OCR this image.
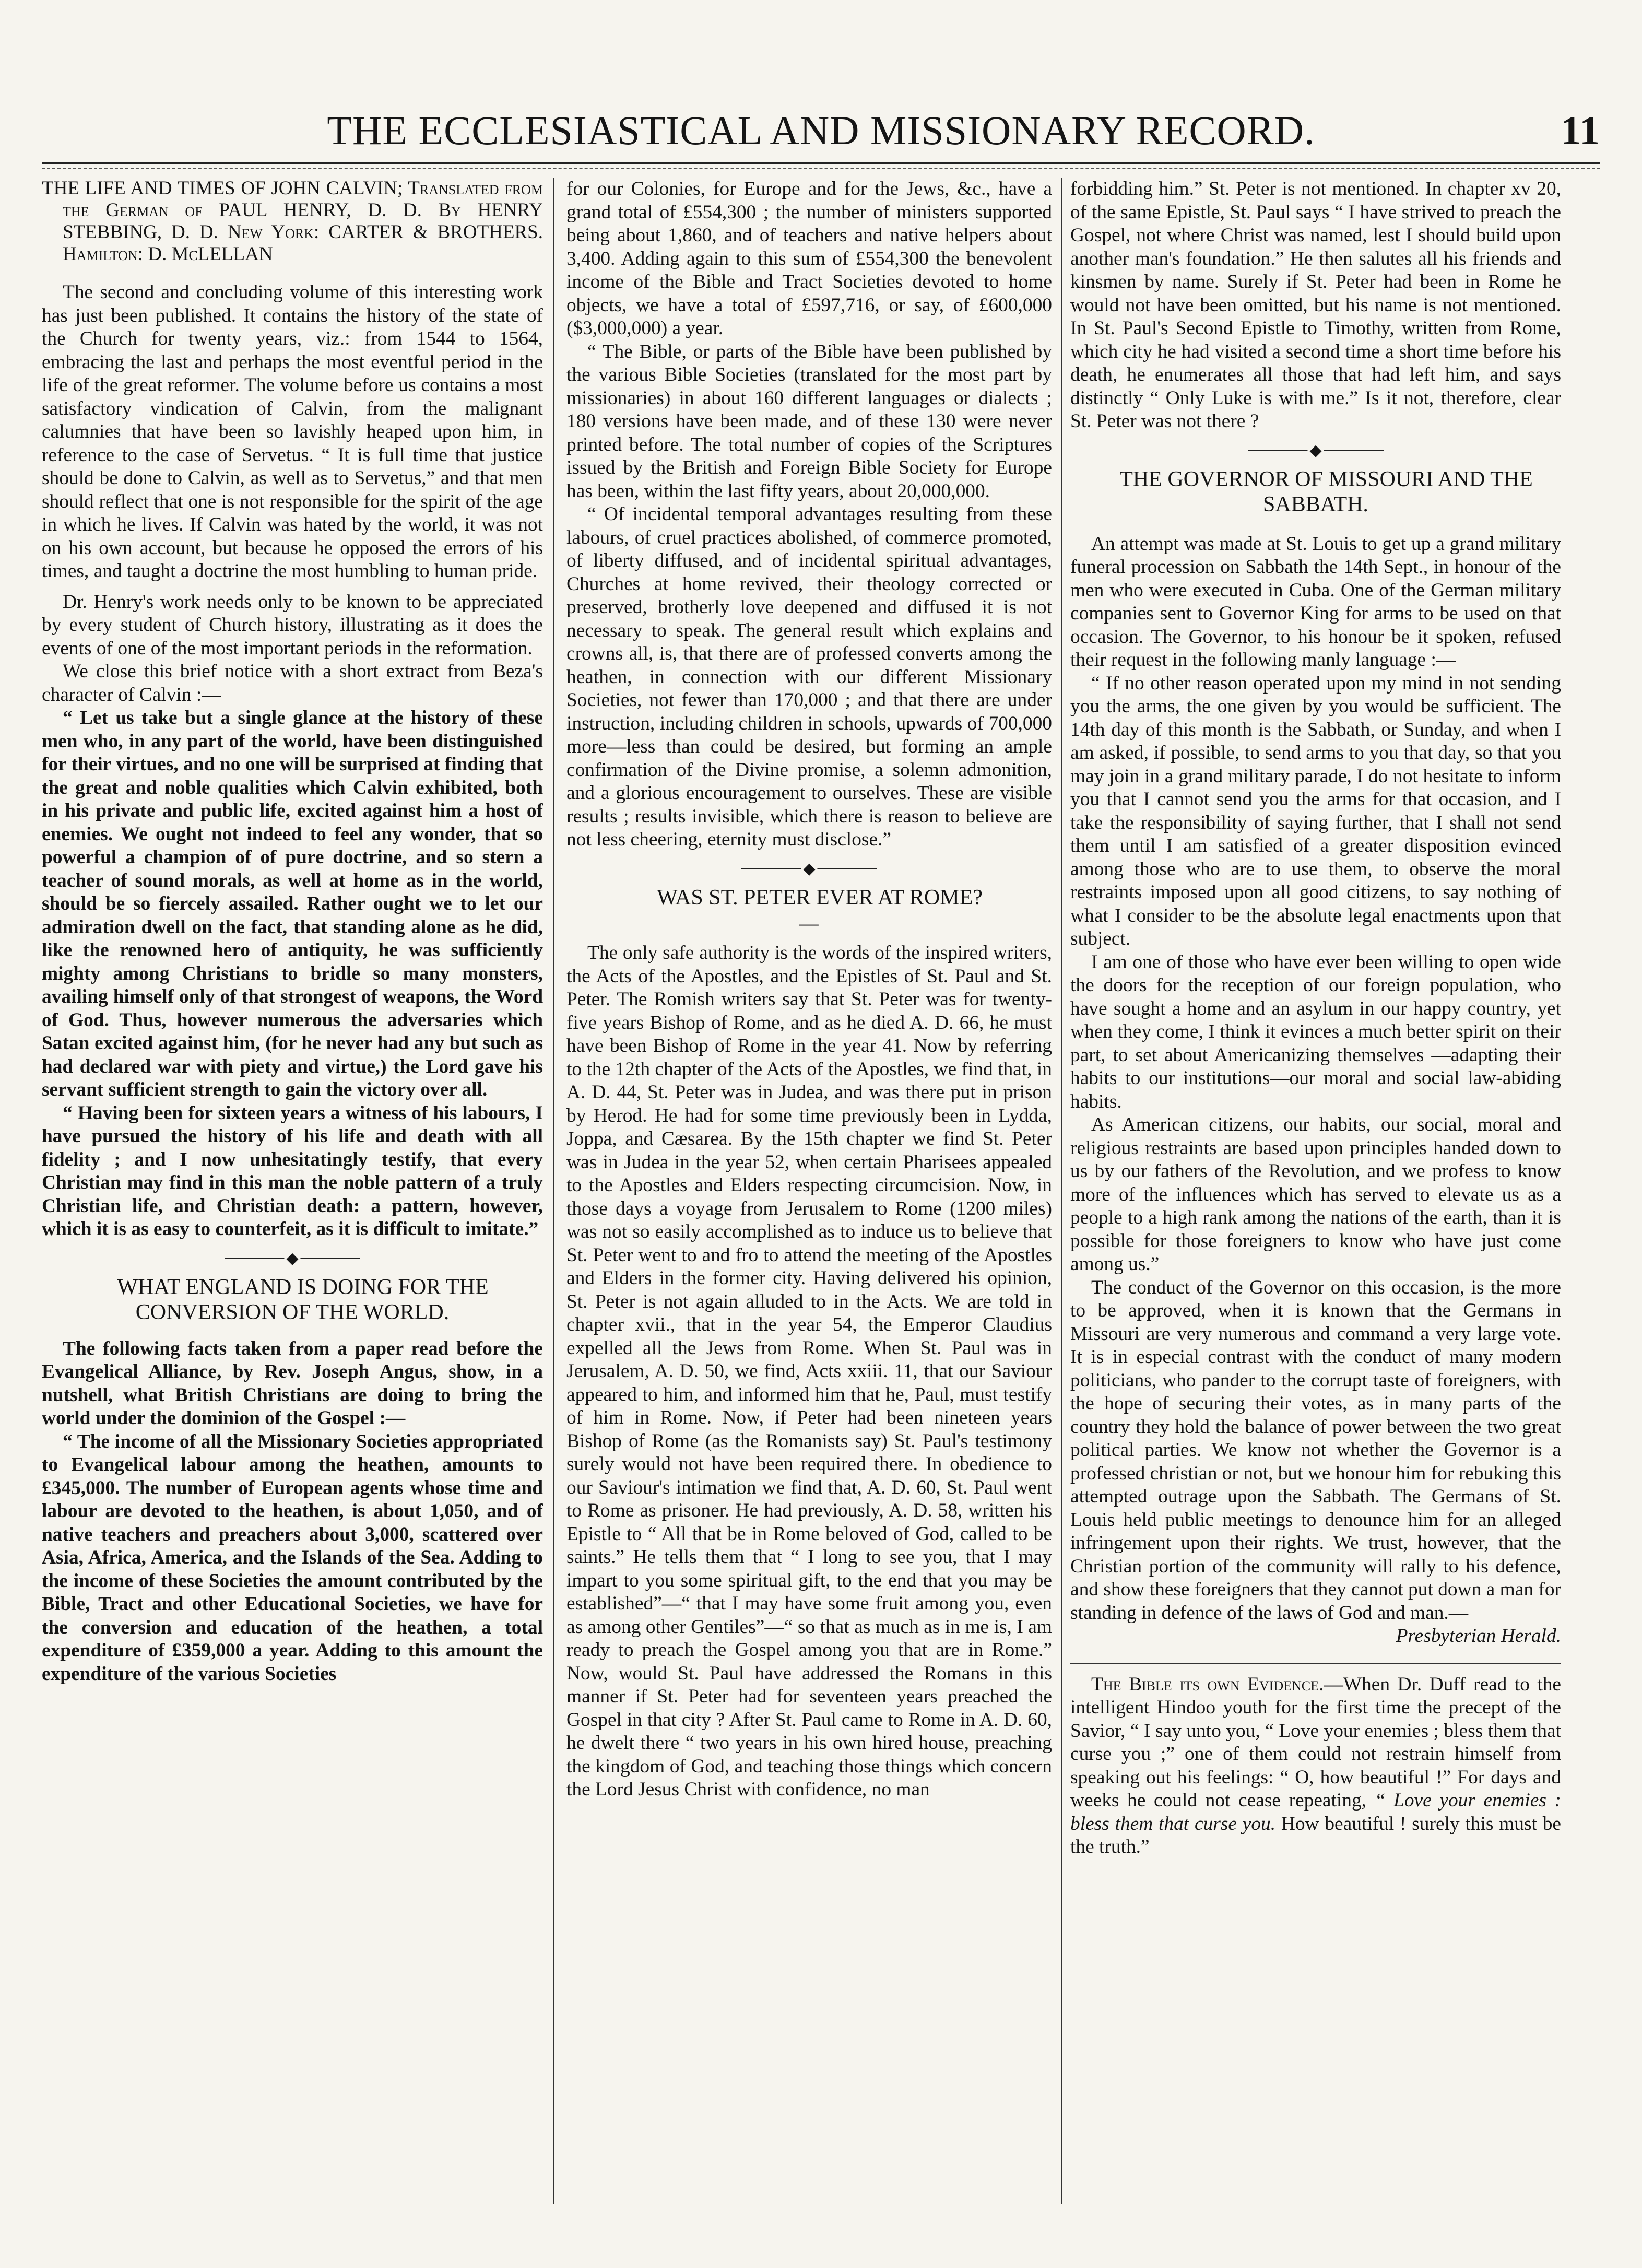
THE ECCLESIASTICAL AND MISSIONARY RECORD.	11

THE LIFE AND TIMES OF JOHN CALVIN; Translated from the German of PAUL HENRY, D. D. By HENRY STEBBING, D. D. New York: CARTER & BROTHERS. Hamilton: D. McLELLAN

The second and concluding volume of this interesting work has just been published. It contains the history of the state of the Church for twenty years, viz.: from 1544 to 1564, embracing the last and perhaps the most eventful period in the life of the great reformer. The volume before us contains a most satisfactory vindication of Calvin, from the malignant calumnies that have been so lavishly heaped upon him, in reference to the case of Servetus. “ It is full time that justice should be done to Calvin, as well as to Servetus,” and that men should reflect that one is not responsible for the spirit of the age in which he lives. If Calvin was hated by the world, it was not on his own account, but because he opposed the errors of his times, and taught a doctrine the most humbling to human pride.

Dr. Henry's work needs only to be known to be appreciated by every student of Church history, illustrating as it does the events of one of the most important periods in the reformation.

We close this brief notice with a short extract from Beza's character of Calvin :—

“ Let us take but a single glance at the history of these men who, in any part of the world, have been distinguished for their virtues, and no one will be surprised at finding that the great and noble qualities which Calvin exhibited, both in his private and public life, excited against him a host of enemies. We ought not indeed to feel any wonder, that so powerful a champion of of pure doctrine, and so stern a teacher of sound morals, as well at home as in the world, should be so fiercely assailed. Rather ought we to let our admiration dwell on the fact, that standing alone as he did, like the renowned hero of antiquity, he was sufficiently mighty among Christians to bridle so many monsters, availing himself only of that strongest of weapons, the Word of God. Thus, however numerous the adversaries which Satan excited against him, (for he never had any but such as had declared war with piety and virtue,) the Lord gave his servant sufficient strength to gain the victory over all.

“ Having been for sixteen years a witness of his labours, I have pursued the history of his life and death with all fidelity ; and I now unhesitatingly testify, that every Christian may find in this man the noble pattern of a truly Christian life, and Christian death: a pattern, however, which it is as easy to counterfeit, as it is difficult to imitate.”

◆

WHAT ENGLAND IS DOING FOR THE CONVERSION OF THE WORLD.

The following facts taken from a paper read before the Evangelical Alliance, by Rev. Joseph Angus, show, in a nutshell, what British Christians are doing to bring the world under the dominion of the Gospel :—

“ The income of all the Missionary Societies appropriated to Evangelical labour among the heathen, amounts to £345,000. The number of European agents whose time and labour are devoted to the heathen, is about 1,050, and of native teachers and preachers about 3,000, scattered over Asia, Africa, America, and the Islands of the Sea. Adding to the income of these Societies the amount contributed by the Bible, Tract and other Educational Societies, we have for the conversion and education of the heathen, a total expenditure of £359,000 a year. Adding to this amount the expenditure of the various Societies

for our Colonies, for Europe and for the Jews, &c., have a grand total of £554,300 ; the number of ministers supported being about 1,860, and of teachers and native helpers about 3,400. Adding again to this sum of £554,300 the benevolent income of the Bible and Tract Societies devoted to home objects, we have a total of £597,716, or say, of £600,000 ($3,000,000) a year.

“ The Bible, or parts of the Bible have been published by the various Bible Societies (translated for the most part by missionaries) in about 160 different languages or dialects ; 180 versions have been made, and of these 130 were never printed before. The total number of copies of the Scriptures issued by the British and Foreign Bible Society for Europe has been, within the last fifty years, about 20,000,000.

“ Of incidental temporal advantages resulting from these labours, of cruel practices abolished, of commerce promoted, of liberty diffused, and of incidental spiritual advantages, Churches at home revived, their theology corrected or preserved, brotherly love deepened and diffused it is not necessary to speak. The general result which explains and crowns all, is, that there are of professed converts among the heathen, in connection with our different Missionary Societies, not fewer than 170,000 ; and that there are under instruction, including children in schools, upwards of 700,000 more—less than could be desired, but forming an ample confirmation of the Divine promise, a solemn admonition, and a glorious encouragement to ourselves. These are visible results ; results invisible, which there is reason to believe are not less cheering, eternity must disclose.”

◆

WAS ST. PETER EVER AT ROME?

—

The only safe authority is the words of the inspired writers, the Acts of the Apostles, and the Epistles of St. Paul and St. Peter. The Romish writers say that St. Peter was for twenty-five years Bishop of Rome, and as he died A. D. 66, he must have been Bishop of Rome in the year 41. Now by referring to the 12th chapter of the Acts of the Apostles, we find that, in A. D. 44, St. Peter was in Judea, and was there put in prison by Herod. He had for some time previously been in Lydda, Joppa, and Cæsarea. By the 15th chapter we find St. Peter was in Judea in the year 52, when certain Pharisees appealed to the Apostles and Elders respecting circumcision. Now, in those days a voyage from Jerusalem to Rome (1200 miles) was not so easily accomplished as to induce us to believe that St. Peter went to and fro to attend the meeting of the Apostles and Elders in the former city. Having delivered his opinion, St. Peter is not again alluded to in the Acts. We are told in chapter xvii., that in the year 54, the Emperor Claudius expelled all the Jews from Rome. When St. Paul was in Jerusalem, A. D. 50, we find, Acts xxiii. 11, that our Saviour appeared to him, and informed him that he, Paul, must testify of him in Rome. Now, if Peter had been nineteen years Bishop of Rome (as the Romanists say) St. Paul's testimony surely would not have been required there. In obedience to our Saviour's intimation we find that, A. D. 60, St. Paul went to Rome as prisoner. He had previously, A. D. 58, written his Epistle to “ All that be in Rome beloved of God, called to be saints.” He tells them that “ I long to see you, that I may impart to you some spiritual gift, to the end that you may be established”—“ that I may have some fruit among you, even as among other Gentiles”—“ so that as much as in me is, I am ready to preach the Gospel among you that are in Rome.” Now, would St. Paul have addressed the Romans in this manner if St. Peter had for seventeen years preached the Gospel in that city ? After St. Paul came to Rome in A. D. 60, he dwelt there “ two years in his own hired house, preaching the kingdom of God, and teaching those things which concern the Lord Jesus Christ with confidence, no man

forbidding him.” St. Peter is not mentioned. In chapter xv 20, of the same Epistle, St. Paul says “ I have strived to preach the Gospel, not where Christ was named, lest I should build upon another man's foundation.” He then salutes all his friends and kinsmen by name. Surely if St. Peter had been in Rome he would not have been omitted, but his name is not mentioned. In St. Paul's Second Epistle to Timothy, written from Rome, which city he had visited a second time a short time before his death, he enumerates all those that had left him, and says distinctly “ Only Luke is with me.” Is it not, therefore, clear St. Peter was not there ?

◆

THE GOVERNOR OF MISSOURI AND THE SABBATH.

An attempt was made at St. Louis to get up a grand military funeral procession on Sabbath the 14th Sept., in honour of the men who were executed in Cuba. One of the German military companies sent to Governor King for arms to be used on that occasion. The Governor, to his honour be it spoken, refused their request in the following manly language :—

“ If no other reason operated upon my mind in not sending you the arms, the one given by you would be sufficient. The 14th day of this month is the Sabbath, or Sunday, and when I am asked, if possible, to send arms to you that day, so that you may join in a grand military parade, I do not hesitate to inform you that I cannot send you the arms for that occasion, and I take the responsibility of saying further, that I shall not send them until I am satisfied of a greater disposition evinced among those who are to use them, to observe the moral restraints imposed upon all good citizens, to say nothing of what I consider to be the absolute legal enactments upon that subject.

I am one of those who have ever been willing to open wide the doors for the reception of our foreign population, who have sought a home and an asylum in our happy country, yet when they come, I think it evinces a much better spirit on their part, to set about Americanizing themselves —adapting their habits to our institutions—our moral and social law-abiding habits.

As American citizens, our habits, our social, moral and religious restraints are based upon principles handed down to us by our fathers of the Revolution, and we profess to know more of the influences which has served to elevate us as a people to a high rank among the nations of the earth, than it is possible for those foreigners to know who have just come among us.”

The conduct of the Governor on this occasion, is the more to be approved, when it is known that the Germans in Missouri are very numerous and command a very large vote. It is in especial contrast with the conduct of many modern politicians, who pander to the corrupt taste of foreigners, with the hope of securing their votes, as in many parts of the country they hold the balance of power between the two great political parties. We know not whether the Governor is a professed christian or not, but we honour him for rebuking this attempted outrage upon the Sabbath. The Germans of St. Louis held public meetings to denounce him for an alleged infringement upon their rights. We trust, however, that the Christian portion of the community will rally to his defence, and show these foreigners that they cannot put down a man for standing in defence of the laws of God and man.—

Presbyterian Herald.

The Bible its own Evidence.—When Dr. Duff read to the intelligent Hindoo youth for the first time the precept of the Savior, “ I say unto you, “ Love your enemies ; bless them that curse you ;” one of them could not restrain himself from speaking out his feelings: “ O, how beautiful !” For days and weeks he could not cease repeating, “ Love your enemies : bless them that curse you. How beautiful ! surely this must be the truth.”
